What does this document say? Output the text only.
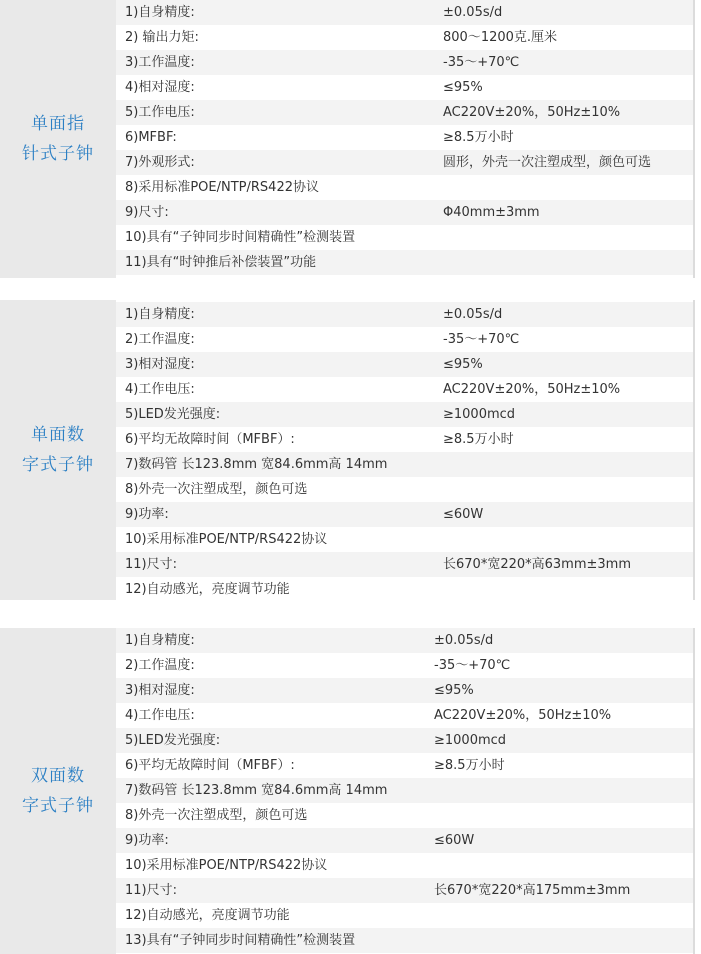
单面指
针式子钟
1)自身精度:	±0.05s/d
2) 输出力矩:	800～1200克.厘米
3)工作温度:	-35～+70℃
4)相对湿度:	≤95%
5)工作电压:	AC220V±20%，50Hz±10%
6)MFBF:	≥8.5万小时
7)外观形式:	圆形，外壳一次注塑成型，颜色可选
8)采用标准POE/NTP/RS422协议
9)尺寸:	Φ40mm±3mm
10)具有“子钟同步时间精确性”检测装置
11)具有“时钟推后补偿装置”功能
单面数
字式子钟
1)自身精度:	±0.05s/d
2)工作温度:	-35～+70℃
3)相对湿度:	≤95%
4)工作电压:	AC220V±20%，50Hz±10%
5)LED发光强度:	≥1000mcd
6)平均无故障时间（MFBF）:	≥8.5万小时
7)数码管 长123.8mm 宽84.6mm高 14mm
8)外壳一次注塑成型，颜色可选
9)功率:	≤60W
10)采用标准POE/NTP/RS422协议
11)尺寸:	长670*宽220*高63mm±3mm
12)自动感光，亮度调节功能
双面数
字式子钟
1)自身精度:	±0.05s/d
2)工作温度:	-35～+70℃
3)相对湿度:	≤95%
4)工作电压:	AC220V±20%，50Hz±10%
5)LED发光强度:	≥1000mcd
6)平均无故障时间（MFBF）:	≥8.5万小时
7)数码管 长123.8mm 宽84.6mm高 14mm
8)外壳一次注塑成型，颜色可选
9)功率:	≤60W
10)采用标准POE/NTP/RS422协议
11)尺寸:	长670*宽220*高175mm±3mm
12)自动感光，亮度调节功能
13)具有“子钟同步时间精确性”检测装置
